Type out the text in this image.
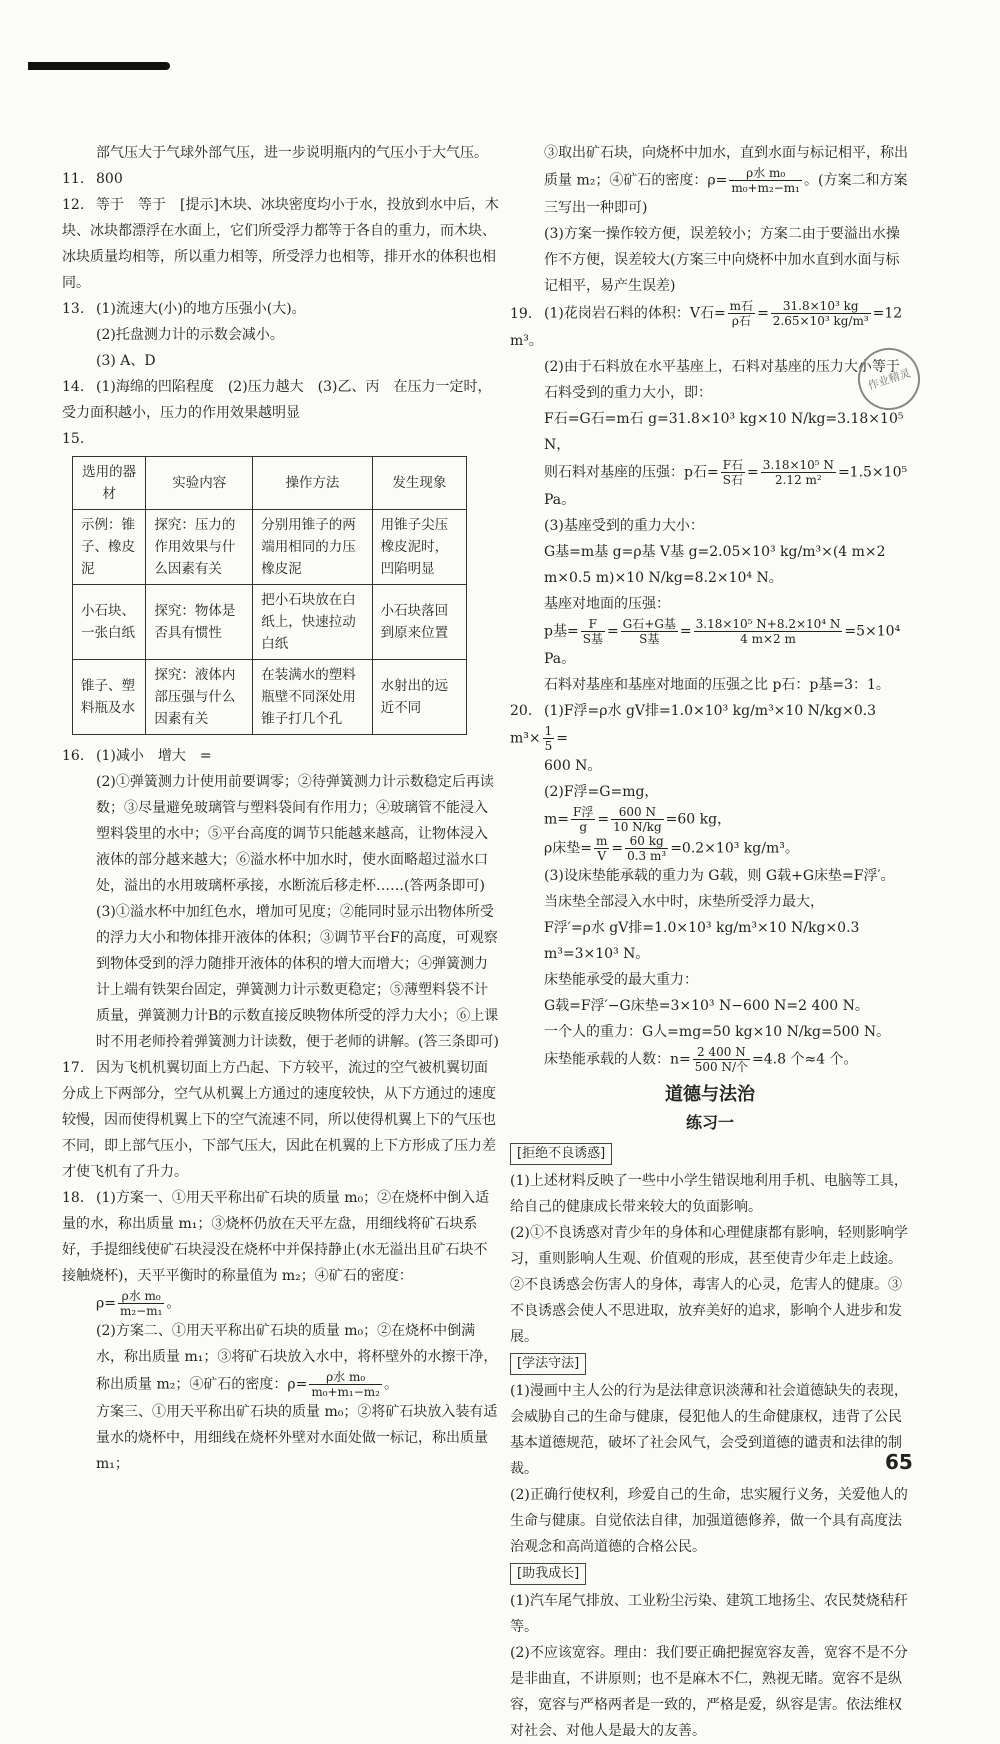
部气压大于气球外部气压，进一步说明瓶内的气压小于大气压。

11. 800

12. 等于　等于　[提示]木块、冰块密度均小于水，投放到水中后，木块、冰块都漂浮在水面上，它们所受浮力都等于各自的重力，而木块、冰块质量均相等，所以重力相等，所受浮力也相等，排开水的体积也相同。

13. (1)流速大(小)的地方压强小(大)。

(2)托盘测力计的示数会减小。

(3) A、D

14. (1)海绵的凹陷程度　(2)压力越大　(3)乙、丙　在压力一定时，受力面积越小，压力的作用效果越明显

15.

选用的器材	实验内容	操作方法	发生现象
示例：锥子、橡皮泥	探究：压力的作用效果与什么因素有关	分别用锥子的两端用相同的力压橡皮泥	用锥子尖压橡皮泥时，凹陷明显
小石块、一张白纸	探究：物体是否具有惯性	把小石块放在白纸上，快速拉动白纸	小石块落回到原来位置
锥子、塑料瓶及水	探究：液体内部压强与什么因素有关	在装满水的塑料瓶壁不同深处用锥子打几个孔	水射出的远近不同

16. (1)减小　增大　=

(2)①弹簧测力计使用前要调零；②待弹簧测力计示数稳定后再读数；③尽量避免玻璃管与塑料袋间有作用力；④玻璃管不能浸入塑料袋里的水中；⑤平台高度的调节只能越来越高，让物体浸入液体的部分越来越大；⑥溢水杯中加水时，使水面略超过溢水口处，溢出的水用玻璃杯承接，水断流后移走杯……(答两条即可)

(3)①溢水杯中加红色水，增加可见度；②能同时显示出物体所受的浮力大小和物体排开液体的体积；③调节平台F的高度，可观察到物体受到的浮力随排开液体的体积的增大而增大；④弹簧测力计上端有铁架台固定，弹簧测力计示数更稳定；⑤薄塑料袋不计质量，弹簧测力计B的示数直接反映物体所受的浮力大小；⑥上课时不用老师拎着弹簧测力计读数，便于老师的讲解。(答三条即可)

17. 因为飞机机翼切面上方凸起、下方较平，流过的空气被机翼切面分成上下两部分，空气从机翼上方通过的速度较快，从下方通过的速度较慢，因而使得机翼上下的空气流速不同，所以使得机翼上下的气压也不同，即上部气压小，下部气压大，因此在机翼的上下方形成了压力差才使飞机有了升力。

18. (1)方案一、①用天平称出矿石块的质量 m₀；②在烧杯中倒入适量的水，称出质量 m₁；③烧杯仍放在天平左盘，用细线将矿石块系好，手提细线使矿石块浸没在烧杯中并保持静止(水无溢出且矿石块不接触烧杯)，天平平衡时的称量值为 m₂；④矿石的密度：

$\rho= \frac{\text{ρ水 m₀}}{\text{m₂−m₁}}$ 。

(2)方案二、①用天平称出矿石块的质量 m₀；②在烧杯中倒满水，称出质量 m₁；③将矿石块放入水中，将杯壁外的水擦干净，称出质量 m₂；④矿石的密度：$\rho= \frac{\text{ρ水 m₀}}{\text{m₀+m₁−m₂}}$ 。

方案三、①用天平称出矿石块的质量 m₀；②将矿石块放入装有适量水的烧杯中，用细线在烧杯外壁对水面处做一标记，称出质量 m₁；

③取出矿石块，向烧杯中加水，直到水面与标记相平，称出质量 m₂；④矿石的密度：$\rho= \frac{\text{ρ水 m₀}}{\text{m₀+m₂−m₁}}$ 。(方案二和方案三写出一种即可)

(3)方案一操作较方便，误差较小；方案二由于要溢出水操作不方便，误差较大(方案三中向烧杯中加水直到水面与标记相平，易产生误差)

19. (1)花岗岩石料的体积：V石= $\frac{\text{m石}}{\text{ρ石}} = \frac{\text{31.8×10³ kg}}{\text{2.65×10³ kg/m³}} =12$ m³。

(2)由于石料放在水平基座上，石料对基座的压力大小等于石料受到的重力大小，即：

F石=G石=m石 g=31.8×10³ kg×10 N/kg=3.18×10⁵ N，

则石料对基座的压强：p石= $\frac{\text{F石}}{\text{S石}} = \frac{\text{3.18×10⁵ N}}{\text{2.12 m²}} =1.5\times 10^5$ Pa。

(3)基座受到的重力大小：

G基=m基 g=ρ基 V基 g=2.05×10³ kg/m³×(4 m×2 m×0.5 m)×10 N/kg=8.2×10⁴ N。

基座对地面的压强：

p基= $\frac{F}{\text{S基}} = \frac{\text{G石+G基}}{\text{S基}} = \frac{\text{3.18×10⁵ N+8.2×10⁴ N}}{4 m\times 2 m} =5\times 10^4$ Pa。

石料对基座和基座对地面的压强之比 p石：p基=3：1。

20. (1)F浮=ρ水 gV排=1.0×10³ kg/m³×10 N/kg×0.3 $m^3\times \frac{1}{5}$ =

600 N。

(2)F浮=G=mg，

$m= \frac{\text{F浮}}{g} = \frac{600 N}{10 N/kg} =60$ kg，

ρ床垫= $\frac{m}{V} = \frac{60 kg}{\text{0.3 m³}} =0.2\times 10^3$ kg/m³。

(3)设床垫能承载的重力为 G载，则 G载+G床垫=F浮′。

当床垫全部浸入水中时，床垫所受浮力最大，

F浮′=ρ水 gV排=1.0×10³ kg/m³×10 N/kg×0.3 m³=3×10³ N。

床垫能承受的最大重力：

G载=F浮′−G床垫=3×10³ N−600 N=2 400 N。

一个人的重力：G人=mg=50 kg×10 N/kg=500 N。

床垫能承载的人数：$n= \frac{2 400 N}{\text{500 N/个}} =4.8$ 个≈4 个。

道德与法治

练习一

[拒绝不良诱惑]

(1)上述材料反映了一些中小学生错误地利用手机、电脑等工具，给自己的健康成长带来较大的负面影响。

(2)①不良诱惑对青少年的身体和心理健康都有影响，轻则影响学习，重则影响人生观、价值观的形成，甚至使青少年走上歧途。②不良诱惑会伤害人的身体，毒害人的心灵，危害人的健康。③不良诱惑会使人不思进取，放弃美好的追求，影响个人进步和发展。

[学法守法]

(1)漫画中主人公的行为是法律意识淡薄和社会道德缺失的表现，会威胁自己的生命与健康，侵犯他人的生命健康权，违背了公民基本道德规范，破坏了社会风气，会受到道德的谴责和法律的制裁。

(2)正确行使权利，珍爱自己的生命，忠实履行义务，关爱他人的生命与健康。自觉依法自律，加强道德修养，做一个具有高度法治观念和高尚道德的合格公民。

[助我成长]

(1)汽车尾气排放、工业粉尘污染、建筑工地扬尘、农民焚烧秸秆等。

(2)不应该宽容。理由：我们要正确把握宽容友善，宽容不是不分是非曲直，不讲原则；也不是麻木不仁，熟视无睹。宽容不是纵容，宽容与严格两者是一致的，严格是爱，纵容是害。依法维权对社会、对他人是最大的友善。

作业精灵
65
